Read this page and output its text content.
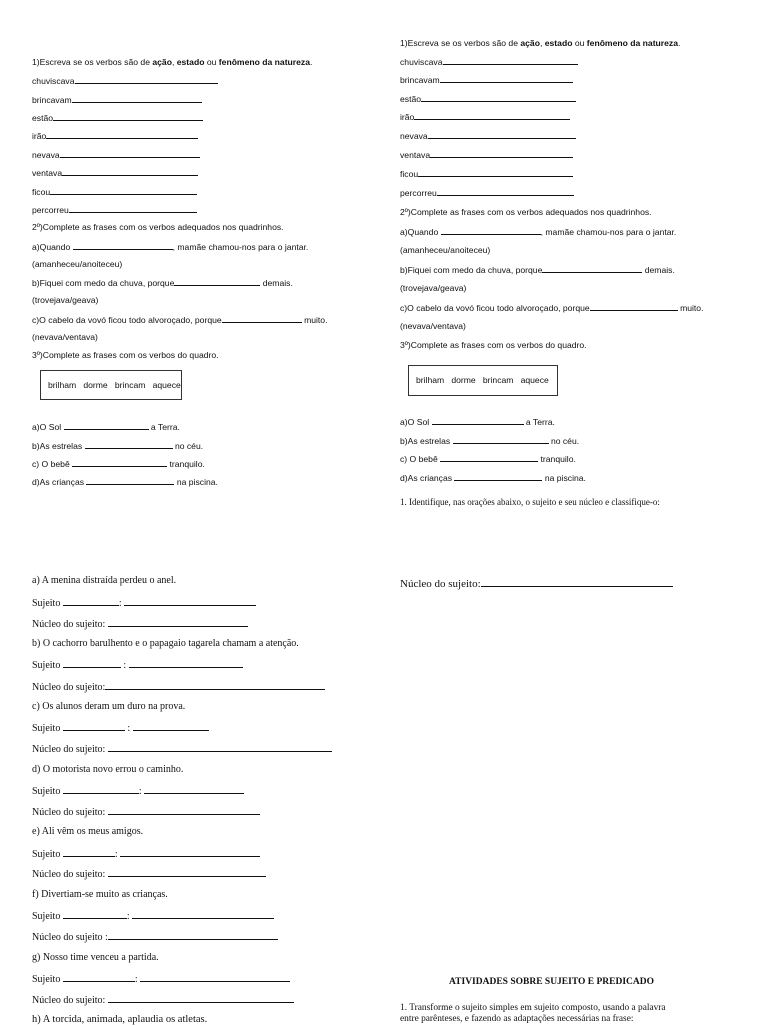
1)Escreva se os verbos são de ação, estado ou fenômeno da natureza.
chuviscava
brincavam
estão
irão
nevava
ventava
ficou
percorreu
2º)Complete as frases com os verbos adequados nos quadrinhos.
a)Quando	, mamãe chamou-nos para o jantar.
(amanheceu/anoiteceu)
b)Fiquei com medo da chuva, porque	demais.
(trovejava/geava)
c)O cabelo da vovó ficou todo alvoroçado, porque	muito.
(nevava/ventava)
3º)Complete as frases com os verbos do quadro.
brilham   dorme   brincam   aquece
a)O Sol	a Terra.
b)As estrelas	no céu.
c) O bebê	tranquilo.
d)As crianças	na piscina.
1)Escreva se os verbos são de ação, estado ou fenômeno da natureza.
chuviscava
brincavam
estão
irão
nevava
ventava
ficou
percorreu
2º)Complete as frases com os verbos adequados nos quadrinhos.
a)Quando	, mamãe chamou-nos para o jantar.
(amanheceu/anoiteceu)
b)Fiquei com medo da chuva, porque	demais.
(trovejava/geava)
c)O cabelo da vovó ficou todo alvoroçado, porque	muito.
(nevava/ventava)
3º)Complete as frases com os verbos do quadro.
brilham   dorme   brincam   aquece
a)O Sol	a Terra.
b)As estrelas	no céu.
c) O bebê	tranquilo.
d)As crianças	na piscina.
1. Identifique, nas orações abaixo, o sujeito e seu núcleo e classifique-o:
a) A menina distraída perdeu o anel.
Sujeito	:
Núcleo do sujeito:
b) O cachorro barulhento e o papagaio tagarela chamam a atenção.
Sujeito	:
Núcleo do sujeito:
c) Os alunos deram um duro na prova.
Sujeito	:
Núcleo do sujeito:
d) O motorista novo errou o caminho.
Sujeito	:
Núcleo do sujeito:
e) Ali vêm os meus amigos.
Sujeito	:
Núcleo do sujeito:
f) Divertiam-se muito as crianças.
Sujeito	:
Núcleo do sujeito :
g) Nosso time venceu a partida.
Sujeito	:
Núcleo do sujeito:
h) A torcida, animada, aplaudia os atletas.
Núcleo do sujeito:
ATIVIDADES SOBRE SUJEITO E PREDICADO
1. Transforme o sujeito simples em sujeito composto, usando a palavra
entre parênteses, e fazendo as adaptações necessárias na frase:
